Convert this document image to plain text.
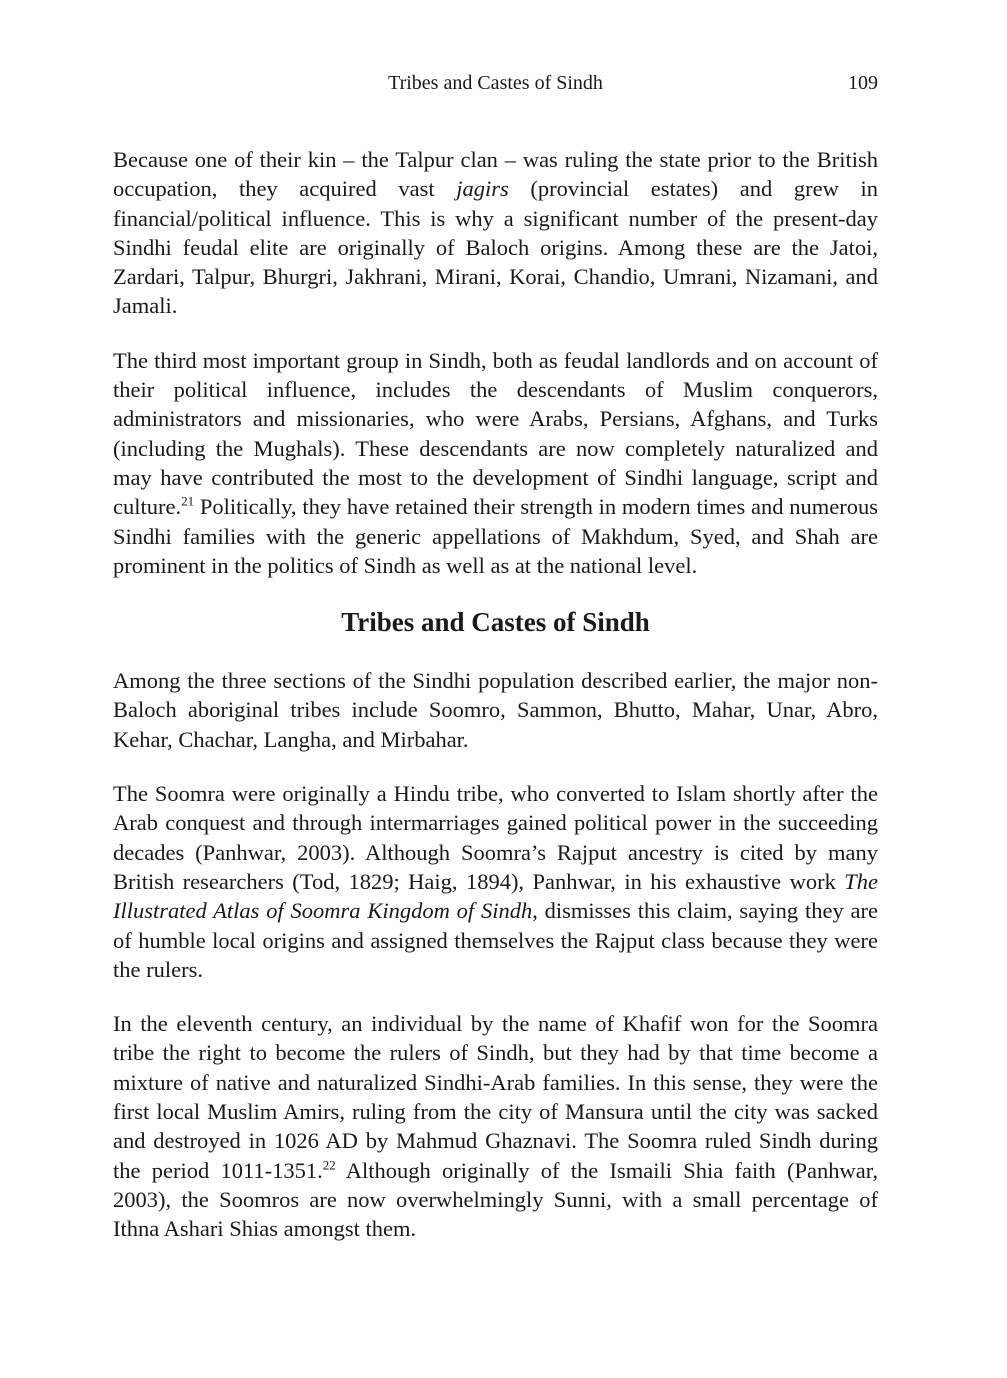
Tribes and Castes of Sindh	109

Because one of their kin – the Talpur clan – was ruling the state prior to the British occupation, they acquired vast jagirs (provincial estates) and grew in financial/political influence. This is why a significant number of the present-day Sindhi feudal elite are originally of Baloch origins. Among these are the Jatoi, Zardari, Talpur, Bhurgri, Jakhrani, Mirani, Korai, Chandio, Umrani, Nizamani, and Jamali.

The third most important group in Sindh, both as feudal landlords and on account of their political influence, includes the descendants of Muslim conquerors, administrators and missionaries, who were Arabs, Persians, Afghans, and Turks (including the Mughals). These descendants are now completely naturalized and may have contributed the most to the development of Sindhi language, script and culture.$^{21}$ Politically, they have retained their strength in modern times and numerous Sindhi families with the generic appellations of Makhdum, Syed, and Shah are prominent in the politics of Sindh as well as at the national level.

Tribes and Castes of Sindh

Among the three sections of the Sindhi population described earlier, the major non-Baloch aboriginal tribes include Soomro, Sammon, Bhutto, Mahar, Unar, Abro, Kehar, Chachar, Langha, and Mirbahar.

The Soomra were originally a Hindu tribe, who converted to Islam shortly after the Arab conquest and through intermarriages gained political power in the succeeding decades (Panhwar, 2003). Although Soomra’s Rajput ancestry is cited by many British researchers (Tod, 1829; Haig, 1894), Panhwar, in his exhaustive work The Illustrated Atlas of Soomra Kingdom of Sindh, dismisses this claim, saying they are of humble local origins and assigned themselves the Rajput class because they were the rulers.

In the eleventh century, an individual by the name of Khafif won for the Soomra tribe the right to become the rulers of Sindh, but they had by that time become a mixture of native and naturalized Sindhi-Arab families. In this sense, they were the first local Muslim Amirs, ruling from the city of Mansura until the city was sacked and destroyed in 1026 AD by Mahmud Ghaznavi. The Soomra ruled Sindh during the period 1011-1351.22 Although originally of the Ismaili Shia faith (Panhwar, 2003), the Soomros are now overwhelmingly Sunni, with a small percentage of Ithna Ashari Shias amongst them.
